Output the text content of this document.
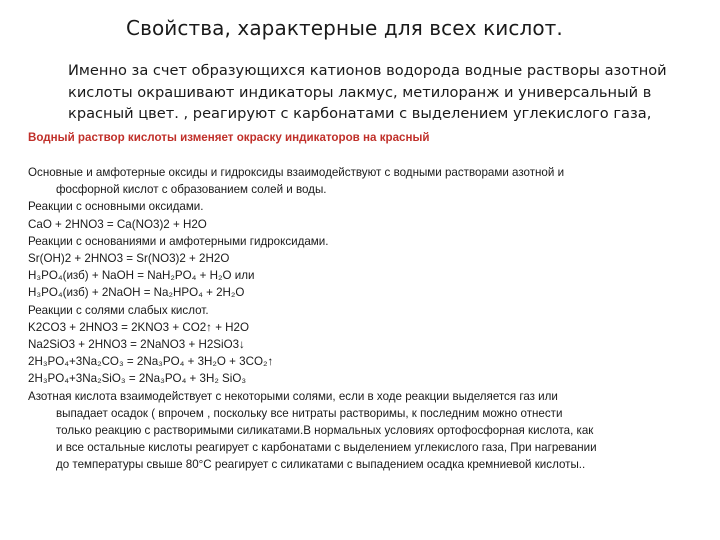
Свойства, характерные для всех кислот.
Именно за счет образующихся катионов водорода водные растворы азотной
кислоты окрашивают индикаторы лакмус, метилоранж и универсальный в
красный цвет. , реагируют с карбонатами с выделением углекислого газа,
Водный раствор кислоты изменяет окраску индикаторов на красный
Основные и амфотерные оксиды и гидроксиды взаимодействуют с водными растворами азотной и
фосфорной кислот с образованием солей и воды.
Реакции с основными оксидами.
CaO + 2HNO3 = Ca(NO3)2 + H2O
Реакции с основаниями и амфотерными гидроксидами.
Sr(OH)2 + 2HNO3 = Sr(NO3)2 + 2H2O
H₃PO₄(изб) + NaOH = NaH₂PO₄ + H₂O или
H₃PO₄(изб) + 2NaOH = Na₂HPO₄ + 2H₂O
Реакции с солями слабых кислот.
K2CO3 + 2HNO3 = 2KNO3 + CO2↑ + H2O
Na2SiO3 + 2HNO3 = 2NaNO3 + H2SiO3↓
2H₃PO₄+3Na₂CO₃ = 2Na₃PO₄ + 3H₂O + 3CO₂↑
2H₃PO₄+3Na₂SiO₃ = 2Na₃PO₄ + 3H₂ SiO₃
Азотная кислота взаимодействует с некоторыми солями, если в ходе реакции выделяется газ или
выпадает осадок ( впрочем , поскольку все нитраты растворимы, к последним можно отнести
только реакцию с растворимыми силикатами.В нормальных условиях ортофосфорная кислота, как
и все остальные кислоты реагирует с карбонатами с выделением углекислого газа, При нагревании
до температуры свыше 80°С реагирует с силикатами с выпадением осадка кремниевой кислоты..
